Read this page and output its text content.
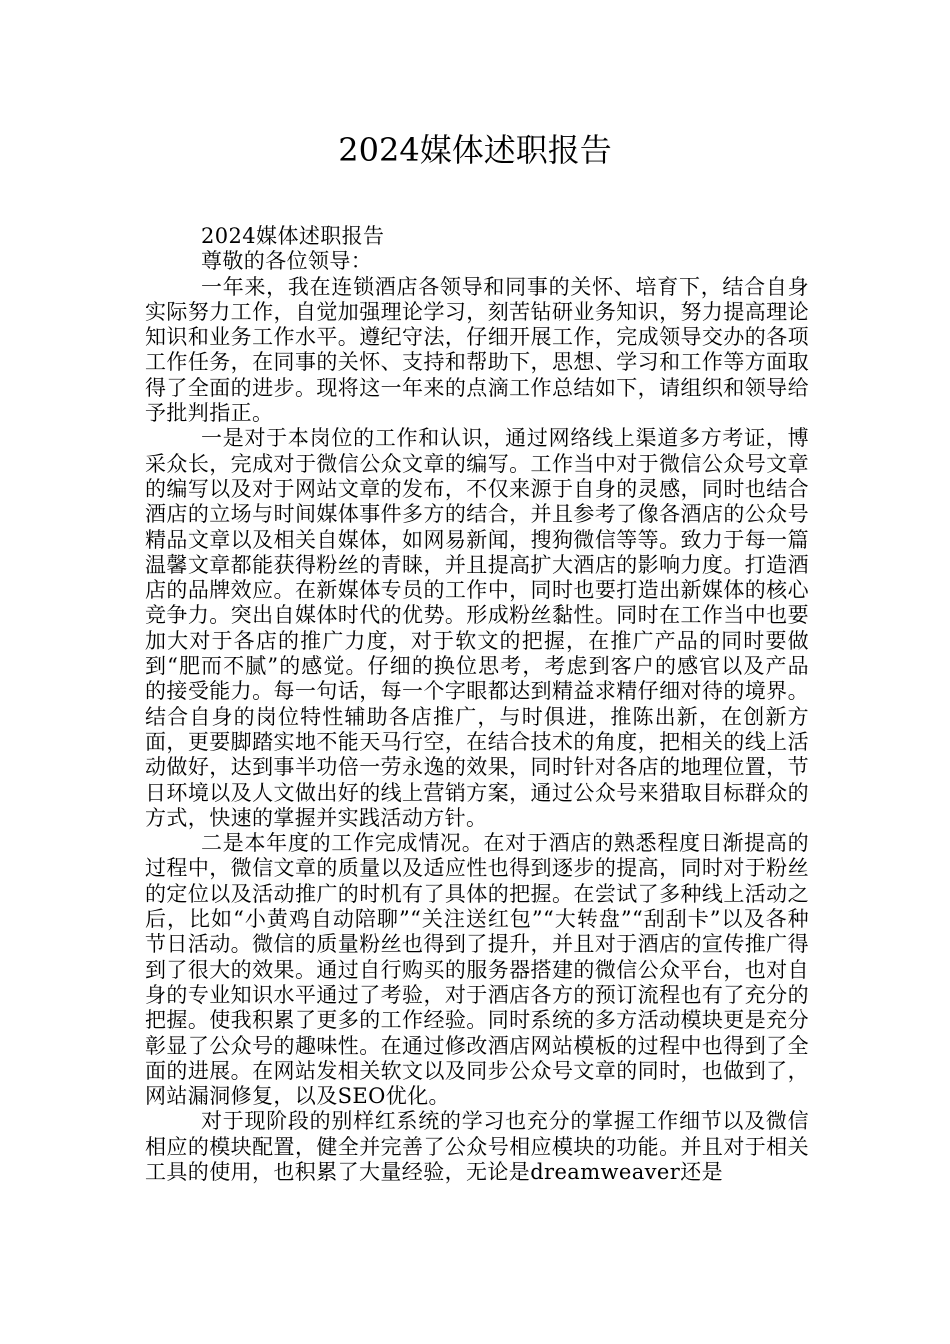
2024媒体述职报告

2024媒体述职报告

尊敬的各位领导：

一年来，我在连锁酒店各领导和同事的关怀、培育下，结合自身实际努力工作，自觉加强理论学习，刻苦钻研业务知识，努力提高理论知识和业务工作水平。遵纪守法，仔细开展工作，完成领导交办的各项工作任务，在同事的关怀、支持和帮助下，思想、学习和工作等方面取得了全面的进步。现将这一年来的点滴工作总结如下，请组织和领导给予批判指正。

一是对于本岗位的工作和认识，通过网络线上渠道多方考证，博采众长，完成对于微信公众文章的编写。工作当中对于微信公众号文章的编写以及对于网站文章的发布，不仅来源于自身的灵感，同时也结合酒店的立场与时间媒体事件多方的结合，并且参考了像各酒店的公众号精品文章以及相关自媒体，如网易新闻，搜狗微信等等。致力于每一篇温馨文章都能获得粉丝的青睐，并且提高扩大酒店的影响力度。打造酒店的品牌效应。在新媒体专员的工作中，同时也要打造出新媒体的核心竞争力。突出自媒体时代的优势。形成粉丝黏性。同时在工作当中也要加大对于各店的推广力度，对于软文的把握，在推广产品的同时要做到“肥而不腻”的感觉。仔细的换位思考，考虑到客户的感官以及产品的接受能力。每一句话，每一个字眼都达到精益求精仔细对待的境界。结合自身的岗位特性辅助各店推广，与时俱进，推陈出新，在创新方面，更要脚踏实地不能天马行空，在结合技术的角度，把相关的线上活动做好，达到事半功倍一劳永逸的效果，同时针对各店的地理位置，节日环境以及人文做出好的线上营销方案，通过公众号来猎取目标群众的方式，快速的掌握并实践活动方针。

二是本年度的工作完成情况。在对于酒店的熟悉程度日渐提高的过程中，微信文章的质量以及适应性也得到逐步的提高，同时对于粉丝的定位以及活动推广的时机有了具体的把握。在尝试了多种线上活动之后，比如“小黄鸡自动陪聊”“关注送红包”“大转盘”“刮刮卡”以及各种节日活动。微信的质量粉丝也得到了提升，并且对于酒店的宣传推广得到了很大的效果。通过自行购买的服务器搭建的微信公众平台，也对自身的专业知识水平通过了考验，对于酒店各方的预订流程也有了充分的把握。使我积累了更多的工作经验。同时系统的多方活动模块更是充分彰显了公众号的趣味性。在通过修改酒店网站模板的过程中也得到了全面的进展。在网站发相关软文以及同步公众号文章的同时，也做到了，网站漏洞修复，以及SEO优化。

对于现阶段的别样红系统的学习也充分的掌握工作细节以及微信相应的模块配置，健全并完善了公众号相应模块的功能。并且对于相关工具的使用，也积累了大量经验，无论是dreamweaver还是
